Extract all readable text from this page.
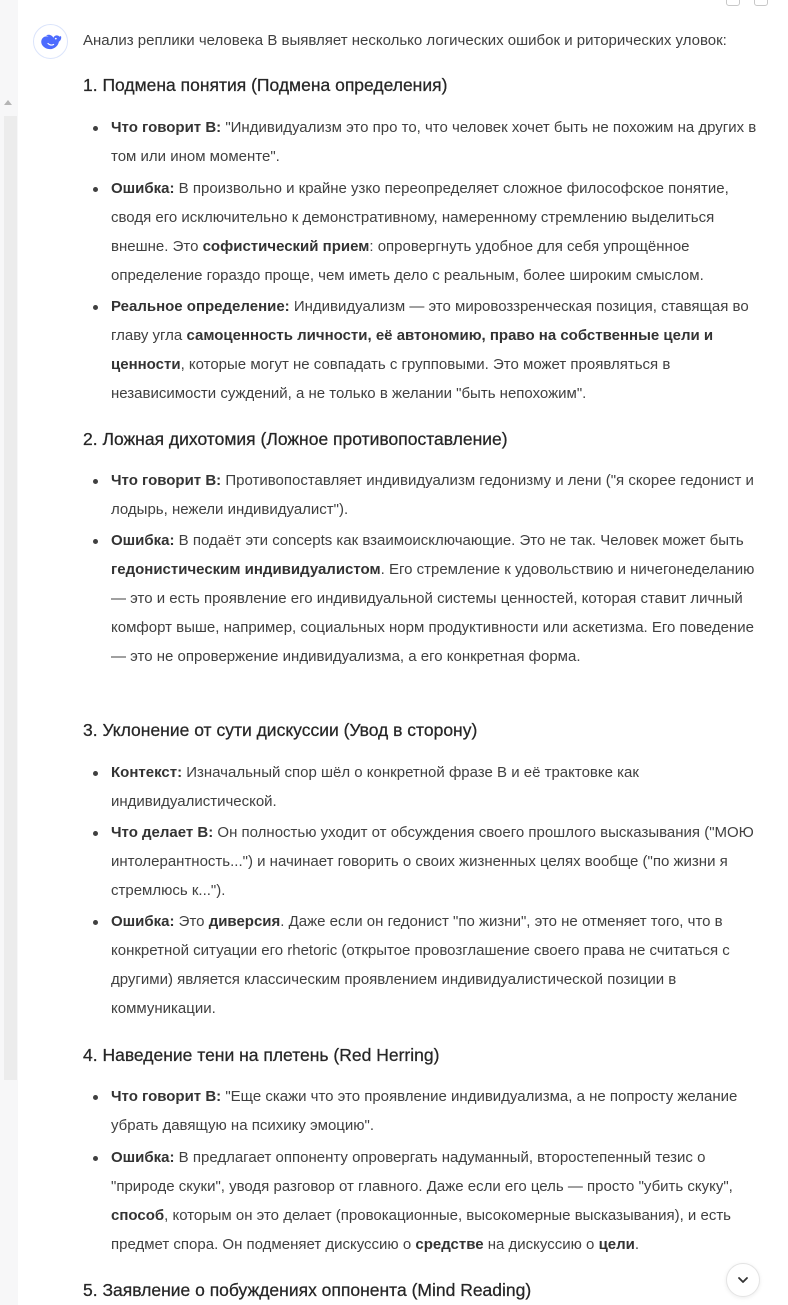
Анализ реплики человека В выявляет несколько логических ошибок и риторических уловок:
1. Подмена понятия (Подмена определения)
Что говорит В: "Индивидуализм это про то, что человек хочет быть не похожим на других в том или ином моменте".
Ошибка: В произвольно и крайне узко переопределяет сложное философское понятие, сводя его исключительно к демонстративному, намеренному стремлению выделиться внешне. Это софистический прием: опровергнуть удобное для себя упрощённое определение гораздо проще, чем иметь дело с реальным, более широким смыслом.
Реальное определение: Индивидуализм — это мировоззренческая позиция, ставящая во главу угла самоценность личности, её автономию, право на собственные цели и ценности, которые могут не совпадать с групповыми. Это может проявляться в независимости суждений, а не только в желании "быть непохожим".
2. Ложная дихотомия (Ложное противопоставление)
Что говорит В: Противопоставляет индивидуализм гедонизму и лени ("я скорее гедонист и лодырь, нежели индивидуалист").
Ошибка: В подаёт эти concepts как взаимоисключающие. Это не так. Человек может быть гедонистическим индивидуалистом. Его стремление к удовольствию и ничегонеделанию — это и есть проявление его индивидуальной системы ценностей, которая ставит личный комфорт выше, например, социальных норм продуктивности или аскетизма. Его поведение — это не опровержение индивидуализма, а его конкретная форма.
3. Уклонение от сути дискуссии (Увод в сторону)
Контекст: Изначальный спор шёл о конкретной фразе В и её трактовке как индивидуалистической.
Что делает В: Он полностью уходит от обсуждения своего прошлого высказывания ("МОЮ интолерантность...") и начинает говорить о своих жизненных целях вообще ("по жизни я стремлюсь к...").
Ошибка: Это диверсия. Даже если он гедонист "по жизни", это не отменяет того, что в конкретной ситуации его rhetoric (открытое провозглашение своего права не считаться с другими) является классическим проявлением индивидуалистической позиции в коммуникации.
4. Наведение тени на плетень (Red Herring)
Что говорит В: "Еще скажи что это проявление индивидуализма, а не попросту желание убрать давящую на психику эмоцию".
Ошибка: В предлагает оппоненту опровергать надуманный, второстепенный тезис о "природе скуки", уводя разговор от главного. Даже если его цель — просто "убить скуку", способ, которым он это делает (провокационные, высокомерные высказывания), и есть предмет спора. Он подменяет дискуссию о средстве на дискуссию о цели.
5. Заявление о побуждениях оппонента (Mind Reading)
